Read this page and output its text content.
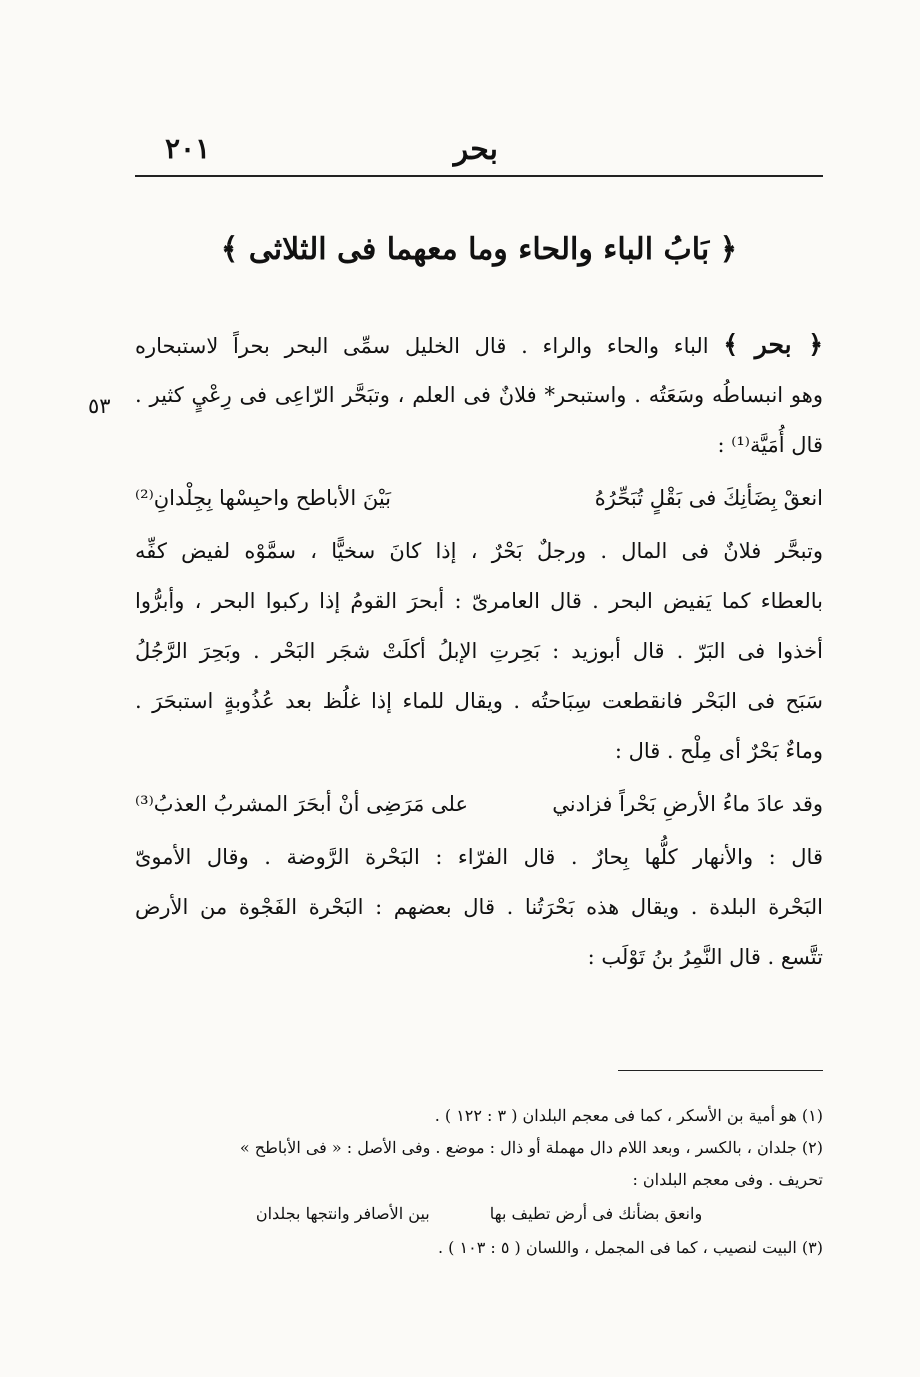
بحر
٢٠١
﴿ بَابُ الباء والحاء وما معهما فى الثلاثى ﴾
٥٣
﴿ بحر ﴾ الباء والحاء والراء . قال الخليل سمِّى البحر بحراً لاستبحاره
وهو انبساطُه وسَعَتُه . واستبحر* فلانٌ فى العلم ، وتبَحَّر الرّاعِى فى رِعْيٍ كثير .
قال أُمَيَّة⁽¹⁾ :
انعقْ بِضَأنِكَ فى بَقْلٍ تُبَحِّرُهُ
بَيْنَ الأباطح واحبِسْها بِجِلْدانِ⁽²⁾
وتبحَّر فلانٌ فى المال . ورجلٌ بَحْرٌ ، إذا كانَ سخيًّا ، سمَّوْه لفيض كفِّه
بالعطاء كما يَفيض البحر . قال العامرىّ : أبحرَ القومُ إذا ركبوا البحر ، وأبرُّوا
أخذوا فى البَرّ . قال أبوزيد : بَحِرتِ الإبلُ أكلَتْ شجَر البَحْر . وبَحِرَ الرَّجُلُ
سَبَح فى البَحْر فانقطعت سِبَاحتُه . ويقال للماء إذا غلُظ بعد عُذُوبةٍ استبحَرَ .
وماءٌ بَحْرٌ أى مِلْح . قال :
وقد عادَ ماءُ الأرضِ بَحْراً فزادني
على مَرَضِى أنْ أبحَرَ المشربُ العذبُ⁽³⁾
قال : والأنهار كلُّها بِحارٌ . قال الفرّاء : البَحْرة الرَّوضة . وقال الأموىّ
البَحْرة البلدة . ويقال هذه بَحْرَتُنا . قال بعضهم : البَحْرة الفَجْوة من الأرض
تتَّسع . قال النَّمِرُ بنُ تَوْلَب :
(١) هو أمية بن الأسكر ، كما فى معجم البلدان ( ٣ : ١٢٢ ) .
(٢) جلدان ، بالكسر ، وبعد اللام دال مهملة أو ذال : موضع . وفى الأصل : « فى الأباطح »
تحريف . وفى معجم البلدان :
وانعق بضأنك فى أرض تطيف بها
بين الأصافر وانتجها بجلدان
(٣) البيت لنصيب ، كما فى المجمل ، واللسان ( ٥ : ١٠٣ ) .
